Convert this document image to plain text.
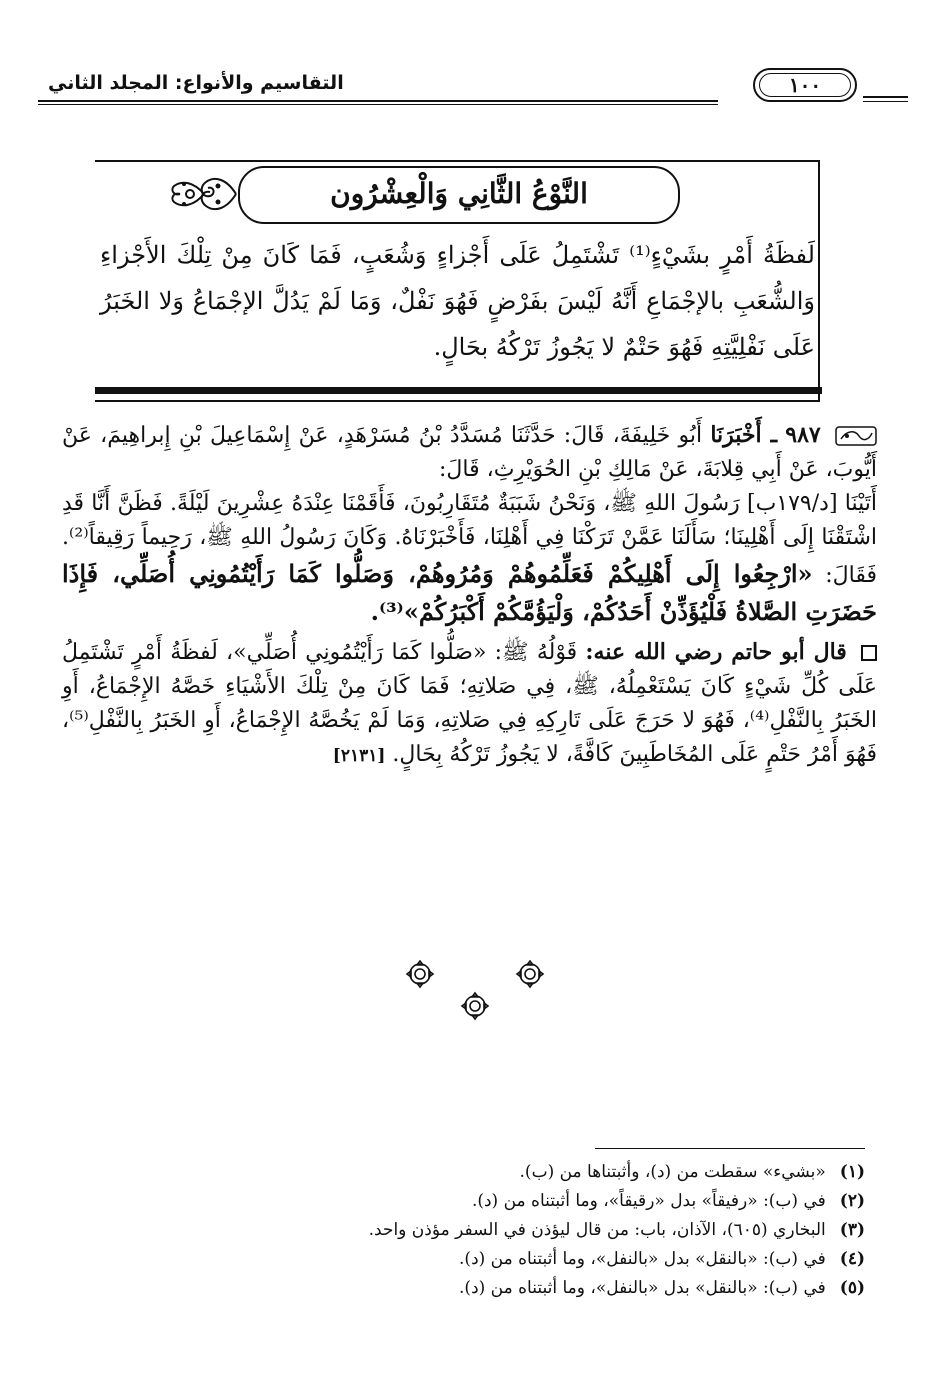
التقاسيم والأنواع: المجلد الثاني	١٠٠
النَّوْعُ الثَّانِي وَالْعِشْرُون
لَفظَةُ أَمْرٍ بشَيْءٍ⁽¹⁾ تَشْتَمِلُ عَلَى أَجْزاءٍ وَشُعَبٍ، فَمَا كَانَ مِنْ تِلْكَ الأَجْزاءِ وَالشُّعَبِ بالإجْمَاعِ أَنَّهُ لَيْسَ بفَرْضٍ فَهُوَ نَفْلٌ، وَمَا لَمْ يَدُلَّ الإجْمَاعُ وَلا الخَبَرُ عَلَى نَفْلِيَّتِهِ فَهُوَ حَتْمٌ لا يَجُوزُ تَرْكُهُ بحَالٍ.

٩٨٧ ـ أَخْبَرَنَا أَبُو خَلِيفَةَ، قَالَ: حَدَّثَنَا مُسَدَّدُ بْنُ مُسَرْهَدٍ، عَنْ إِسْمَاعِيلَ بْنِ إِبراهِيمَ، عَنْ أَيُّوبَ، عَنْ أَبِي قِلابَةَ، عَنْ مَالِكِ بْنِ الحُوَيْرِثِ، قَالَ:

أَتَيْنَا [د/١٧٩ب] رَسُولَ اللهِ ﷺ، وَنَحْنُ شَبَبَةٌ مُتَقَارِبُونَ، فَأَقَمْنَا عِنْدَهُ عِشْرِينَ لَيْلَةً. فَظَنَّ أَنَّا قَدِ اشْتَقْنَا إِلَى أَهْلِينَا؛ سَأَلَنَا عَمَّنْ تَرَكْنَا فِي أَهْلِنَا، فَأَخْبَرْنَاهُ. وَكَانَ رَسُولُ اللهِ ﷺ، رَحِيماً رَقِيقاً⁽²⁾. فَقَالَ: «ارْجِعُوا إِلَى أَهْلِيكُمْ فَعَلِّمُوهُمْ وَمُرُوهُمْ، وَصَلُّوا كَمَا رَأَيْتُمُونِي أُصَلِّي، فَإِذَا حَضَرَتِ الصَّلاةُ فَلْيُؤَذِّنْ أَحَدُكُمْ، وَلْيَؤُمَّكُمْ أَكْبَرُكُمْ»⁽³⁾.

قال أبو حاتم رضي الله عنه: قَوْلُهُ ﷺ: «صَلُّوا كَمَا رَأَيْتُمُونِي أُصَلِّي»، لَفظَةُ أَمْرٍ تَشْتَمِلُ عَلَى كُلِّ شَيْءٍ كَانَ يَسْتَعْمِلُهُ، ﷺ، فِي صَلاتِهِ؛ فَمَا كَانَ مِنْ تِلْكَ الأَشْيَاءِ خَصَّهُ الإِجْمَاعُ، أَوِ الخَبَرُ بِالنَّفْلِ⁽⁴⁾، فَهُوَ لا حَرَجَ عَلَى تَارِكِهِ فِي صَلاتِهِ، وَمَا لَمْ يَخُصَّهُ الإِجْمَاعُ، أَوِ الخَبَرُ بِالنَّفْلِ⁽⁵⁾، فَهُوَ أَمْرُ حَتْمٍ عَلَى المُخَاطَبِينَ كَافَّةً، لا يَجُوزُ تَرْكُهُ بِحَالٍ. [٢١٣١]

(١)«بشيء» سقطت من (د)، وأثبتناها من (ب).
(٢)في (ب): «رفيقاً» بدل «رقيقاً»، وما أثبتناه من (د).
(٣)البخاري (٦٠٥)، الآذان، باب: من قال ليؤذن في السفر مؤذن واحد.
(٤)في (ب): «بالنقل» بدل «بالنفل»، وما أثبتناه من (د).
(٥)في (ب): «بالنقل» بدل «بالنفل»، وما أثبتناه من (د).
